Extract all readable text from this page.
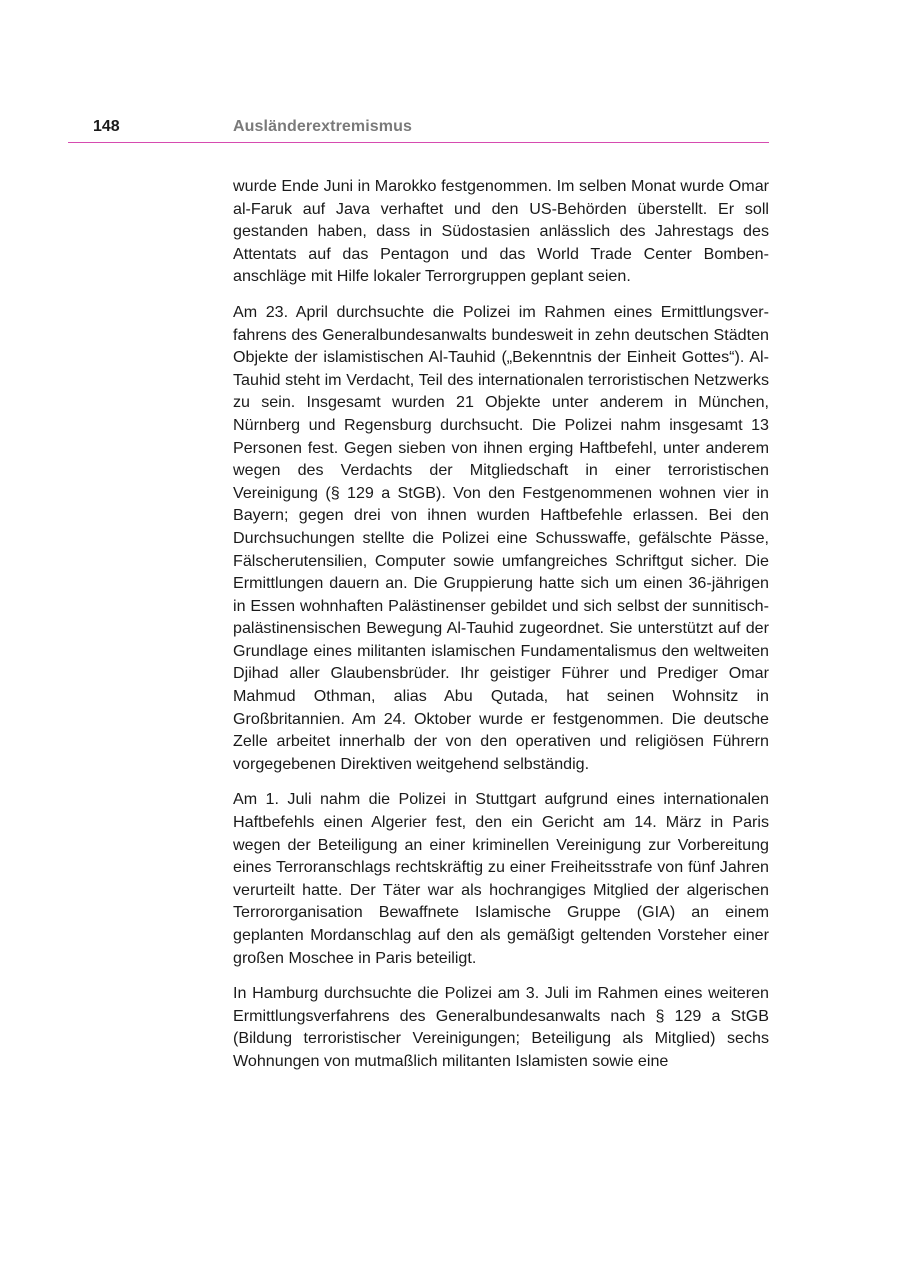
148	Ausländerextremismus

wurde Ende Juni in Marokko festgenommen. Im selben Monat wurde Omar al-Faruk auf Java verhaftet und den US-Behörden überstellt. Er soll gestanden haben, dass in Südostasien anlässlich des Jahrestags des Attentats auf das Pentagon und das World Trade Center Bombenanschläge mit Hilfe lokaler Terrorgruppen geplant seien.

Am 23. April durchsuchte die Polizei im Rahmen eines Ermittlungsverfahrens des Generalbundesanwalts bundesweit in zehn deutschen Städten Objekte der islamistischen Al-Tauhid („Bekenntnis der Einheit Gottes“). Al-Tauhid steht im Verdacht, Teil des internationalen terroristischen Netzwerks zu sein. Insgesamt wurden 21 Objekte unter anderem in München, Nürnberg und Regensburg durchsucht. Die Polizei nahm insgesamt 13 Personen fest. Gegen sieben von ihnen erging Haftbefehl, unter anderem wegen des Verdachts der Mitgliedschaft in einer terroristischen Vereinigung (§ 129 a StGB). Von den Festgenommenen wohnen vier in Bayern; gegen drei von ihnen wurden Haftbefehle erlassen. Bei den Durchsuchungen stellte die Polizei eine Schusswaffe, gefälschte Pässe, Fälscherutensilien, Computer sowie umfangreiches Schriftgut sicher. Die Ermittlungen dauern an. Die Gruppierung hatte sich um einen 36-jährigen in Essen wohnhaften Palästinenser gebildet und sich selbst der sunnitisch-palästinensischen Bewegung Al-Tauhid zugeordnet. Sie unterstützt auf der Grundlage eines militanten islamischen Fundamentalismus den weltweiten Djihad aller Glaubensbrüder. Ihr geistiger Führer und Prediger Omar Mahmud Othman, alias Abu Qutada, hat seinen Wohnsitz in Großbritannien. Am 24. Oktober wurde er festgenommen. Die deutsche Zelle arbeitet innerhalb der von den operativen und religiösen Führern vorgegebenen Direktiven weitgehend selbständig.

Am 1. Juli nahm die Polizei in Stuttgart aufgrund eines internationalen Haftbefehls einen Algerier fest, den ein Gericht am 14. März in Paris wegen der Beteiligung an einer kriminellen Vereinigung zur Vorbereitung eines Terroranschlags rechtskräftig zu einer Freiheitsstrafe von fünf Jahren verurteilt hatte. Der Täter war als hochrangiges Mitglied der algerischen Terrororganisation Bewaffnete Islamische Gruppe (GIA) an einem geplanten Mordanschlag auf den als gemäßigt geltenden Vorsteher einer großen Moschee in Paris beteiligt.

In Hamburg durchsuchte die Polizei am 3. Juli im Rahmen eines weiteren Ermittlungsverfahrens des Generalbundesanwalts nach § 129 a StGB (Bildung terroristischer Vereinigungen; Beteiligung als Mitglied) sechs Wohnungen von mutmaßlich militanten Islamisten sowie eine
